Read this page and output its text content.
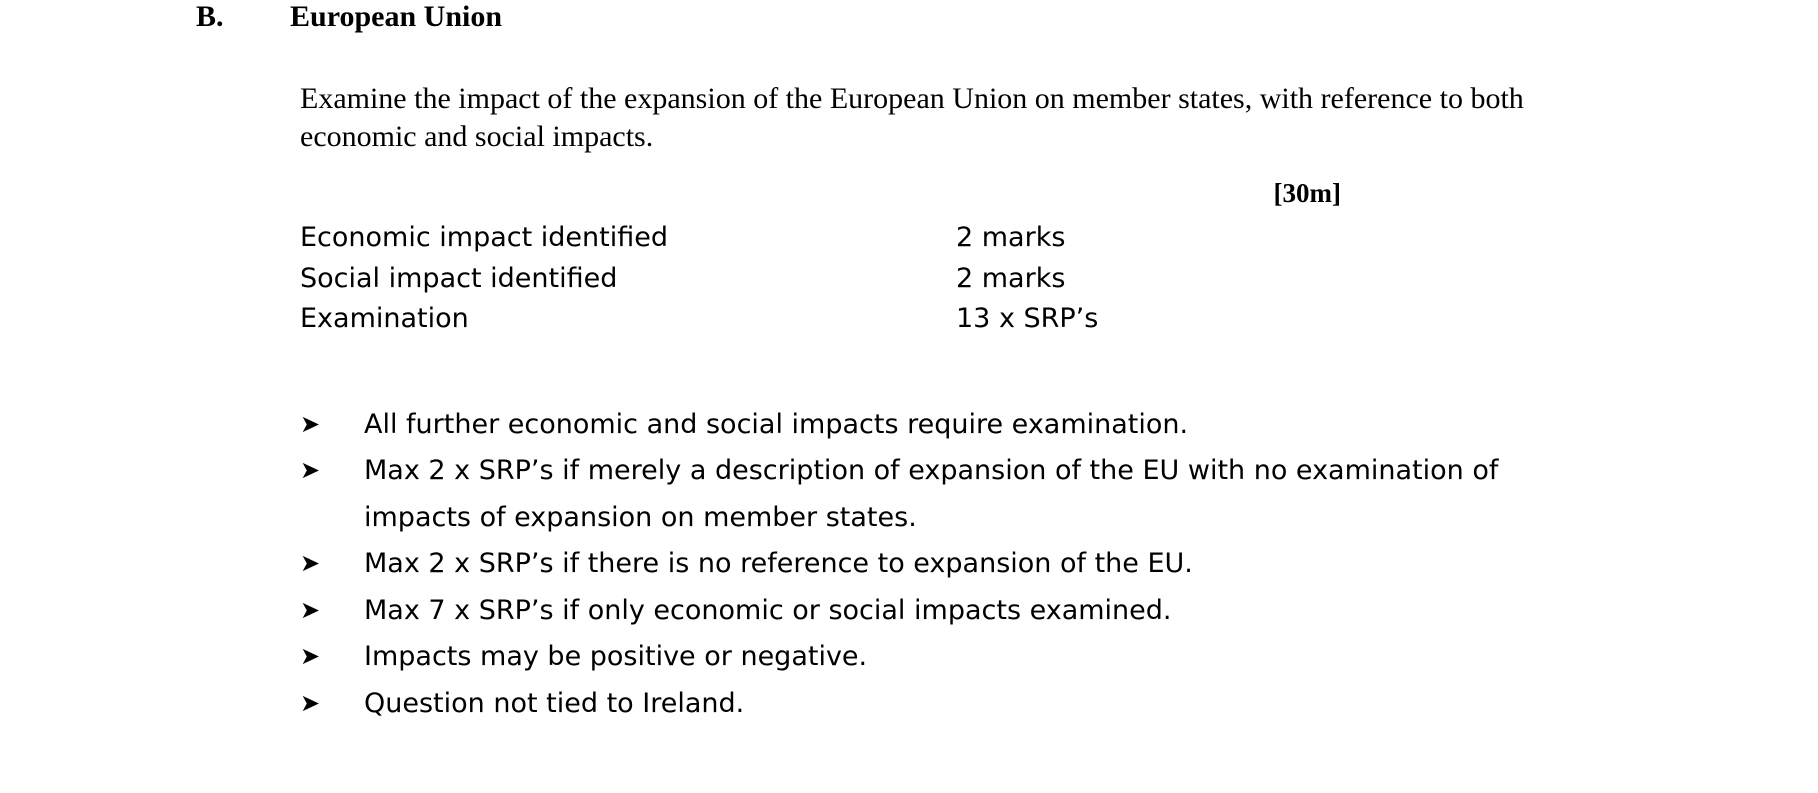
B.	European Union
Examine the impact of the expansion of the European Union on member states, with reference to both economic and social impacts.
[30m]
Economic impact identified	2 marks
Social impact identified	2 marks
Examination	13 x SRP’s
➤	All further economic and social impacts require examination.
➤	Max 2 x SRP’s if merely a description of expansion of the EU with no examination of impacts of expansion on member states.
➤	Max 2 x SRP’s if there is no reference to expansion of the EU.
➤	Max 7 x SRP’s if only economic or social impacts examined.
➤	Impacts may be positive or negative.
➤	Question not tied to Ireland.
